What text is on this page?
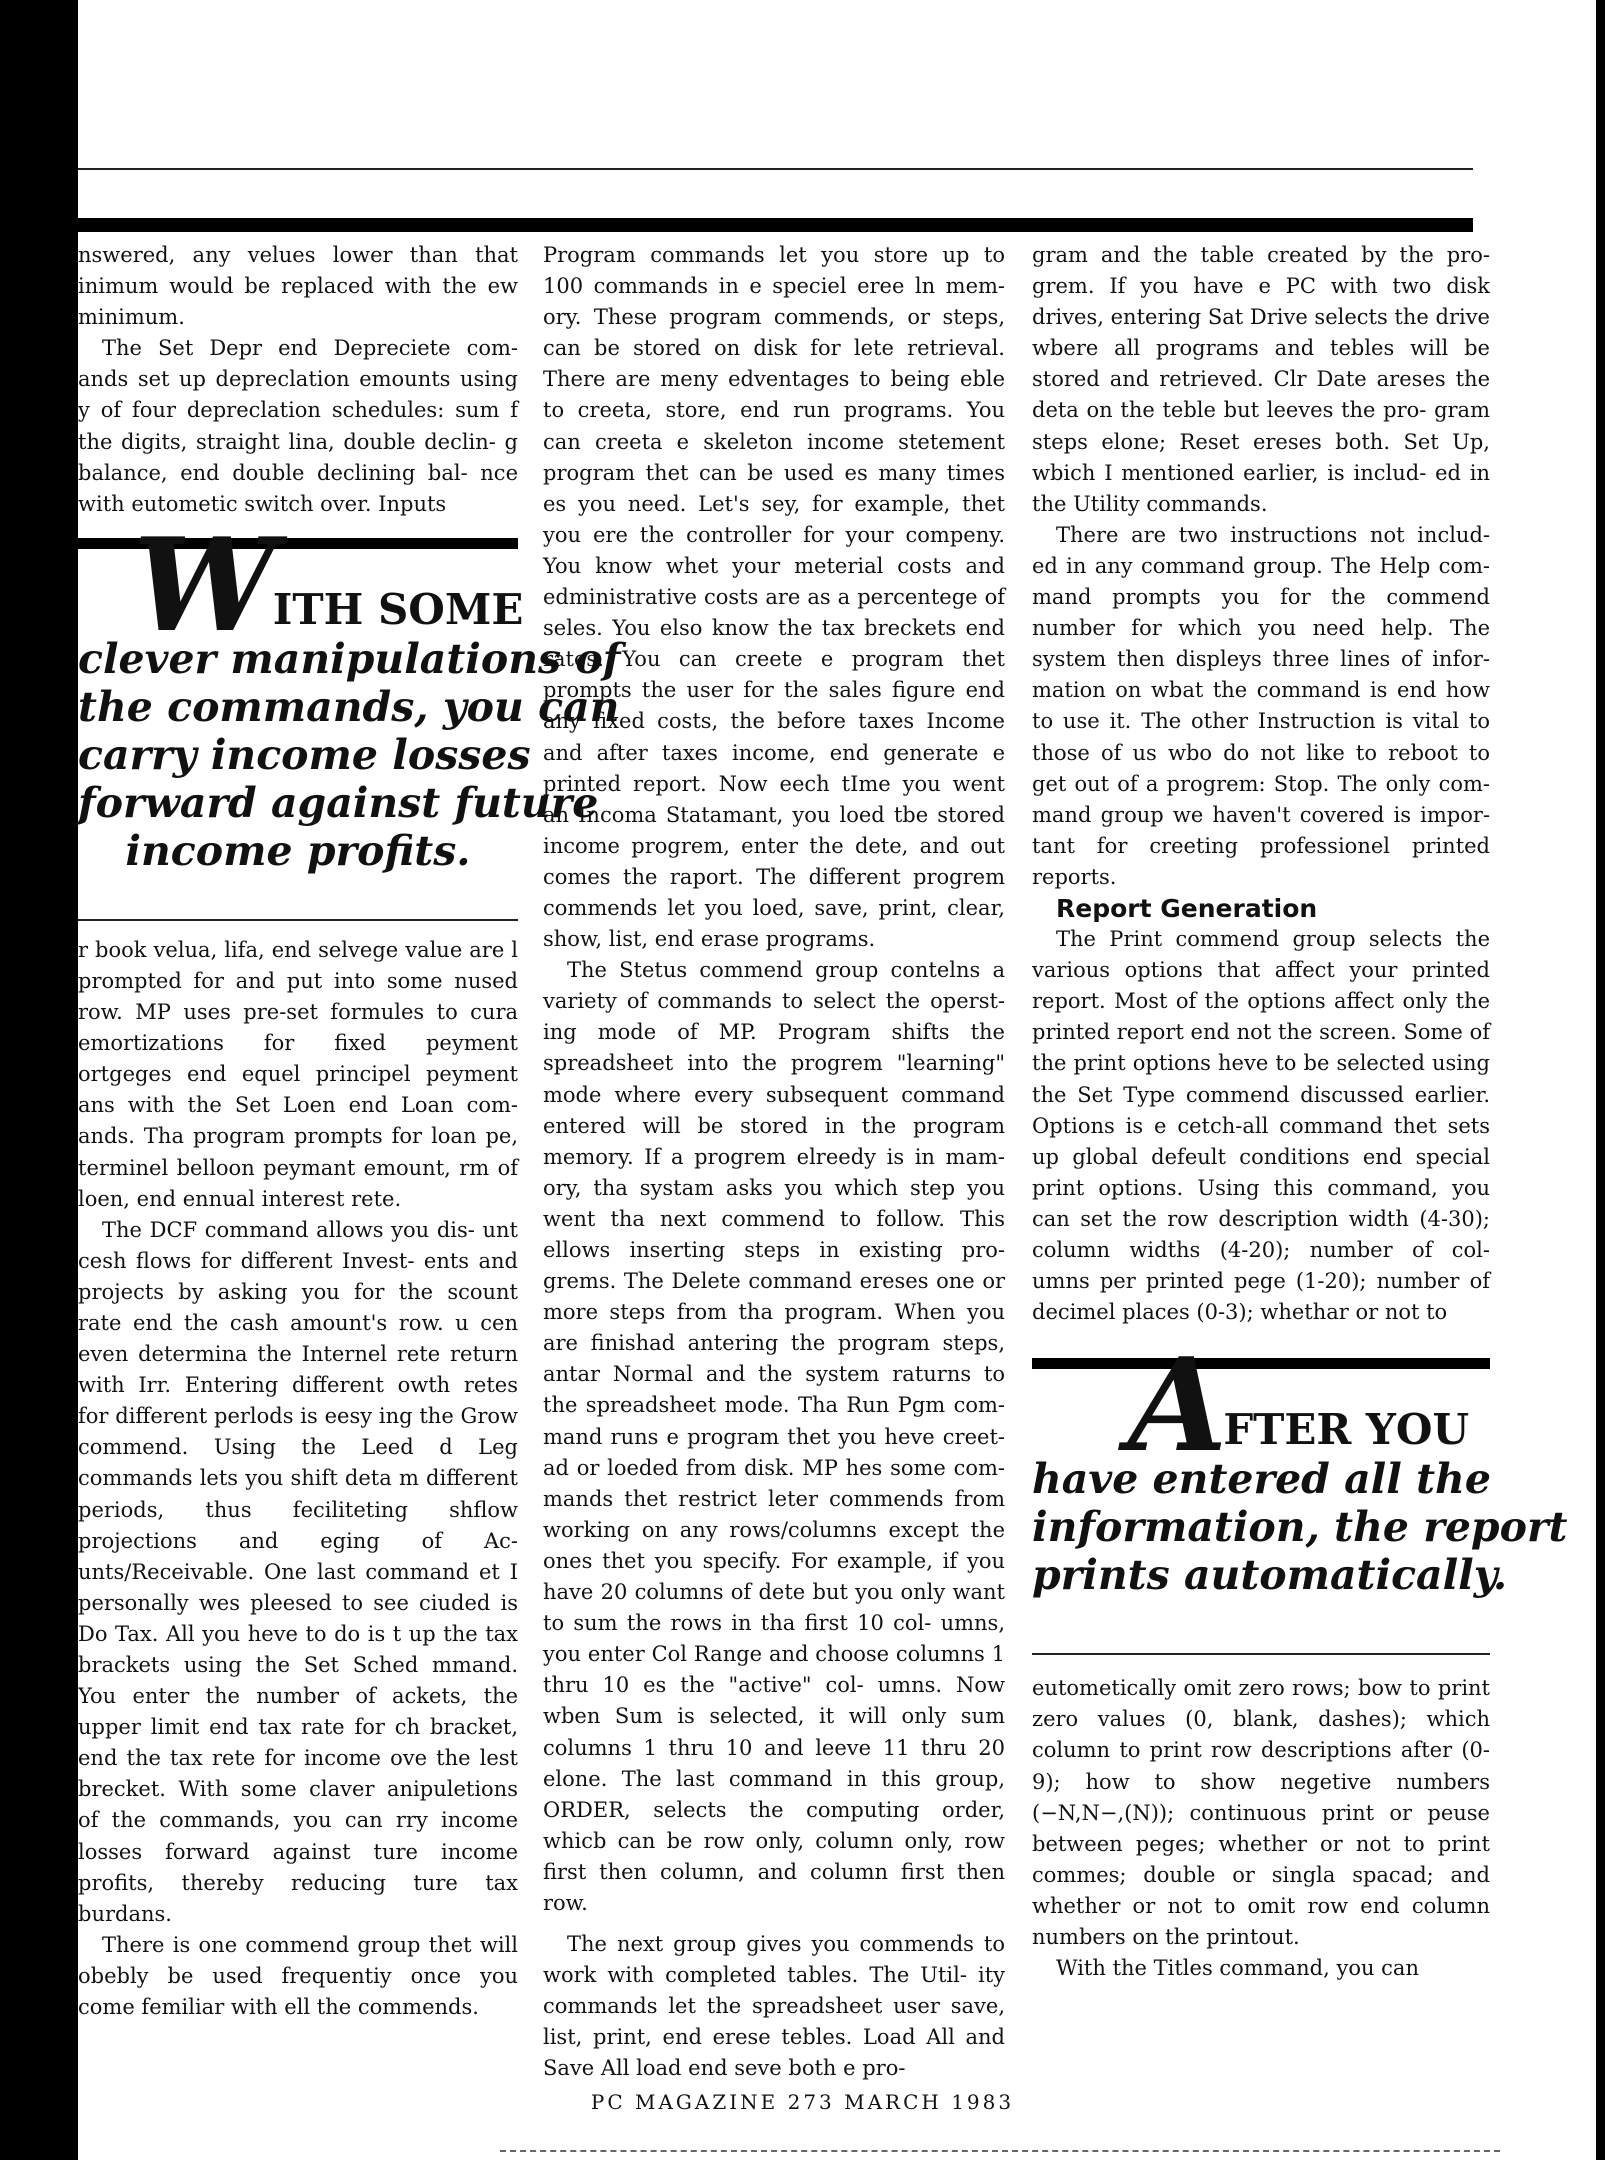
nswered, any velues lower than that inimum would be replaced with the ew minimum.

The Set Depr end Depreciete com- ands set up depreclation emounts using y of four depreclation schedules: sum f the digits, straight lina, double declin- g balance, end double declining bal- nce with eutometic switch over. Inputs

WITH SOME
clever manipulations of
the commands, you can
carry income losses
forward against future
income profits.

r book velua, lifa, end selvege value are l prompted for and put into some nused row. MP uses pre-set formules to cura emortizations for fixed peyment ortgeges end equel principel peyment ans with the Set Loen end Loan com- ands. Tha program prompts for loan pe, terminel belloon peymant emount, rm of loen, end ennual interest rete.

The DCF command allows you dis- unt cesh flows for different Invest- ents and projects by asking you for the scount rate end the cash amount's row. u cen even determina the Internel rete return with Irr. Entering different owth retes for different perlods is eesy ing the Grow commend. Using the Leed d Leg commands lets you shift deta m different periods, thus feciliteting shflow projections and eging of Ac- unts/Receivable. One last command et I personally wes pleesed to see ciuded is Do Tax. All you heve to do is t up the tax brackets using the Set Sched mmand. You enter the number of ackets, the upper limit end tax rate for ch bracket, end the tax rete for income ove the lest brecket. With some claver anipuletions of the commands, you can rry income losses forward against ture income profits, thereby reducing ture tax burdans.

There is one commend group thet will obebly be used frequentiy once you come femiliar with ell the commends.

Program commands let you store up to 100 commands in e speciel eree ln mem- ory. These program commends, or steps, can be stored on disk for lete retrieval. There are meny edventages to being eble to creeta, store, end run programs. You can creeta e skeleton income stetement program thet can be used es many times es you need. Let's sey, for example, thet you ere the controller for your compeny. You know whet your meterial costs and edministrative costs are as a percentege of seles. You elso know the tax breckets end rates. You can creete e program thet prompts the user for the sales figure end any fixed costs, the before taxes Income and after taxes income, end generate e printed report. Now eech tIme you went an Incoma Statamant, you loed tbe stored income progrem, enter the dete, and out comes the raport. The different progrem commends let you loed, save, print, clear, show, list, end erase programs.

The Stetus commend group contelns a variety of commands to select the operst- ing mode of MP. Program shifts the spreadsheet into the progrem "learning" mode where every subsequent command entered will be stored in the program memory. If a progrem elreedy is in mam- ory, tha systam asks you which step you went tha next commend to follow. This ellows inserting steps in existing pro- grems. The Delete command ereses one or more steps from tha program. When you are finishad antering the program steps, antar Normal and the system raturns to the spreadsheet mode. Tha Run Pgm com- mand runs e program thet you heve creet- ad or loeded from disk. MP hes some com- mands thet restrict leter commends from working on any rows/columns except the ones thet you specify. For example, if you have 20 columns of dete but you only want to sum the rows in tha first 10 col- umns, you enter Col Range and choose columns 1 thru 10 es the "active" col- umns. Now wben Sum is selected, it will only sum columns 1 thru 10 and leeve 11 thru 20 elone. The last command in this group, ORDER, selects the computing order, whicb can be row only, column only, row first then column, and column first then row.

The next group gives you commends to work with completed tables. The Util- ity commands let the spreadsheet user save, list, print, end erese tebles. Load All and Save All load end seve both e pro-

gram and the table created by the pro- grem. If you have e PC with two disk drives, entering Sat Drive selects the drive wbere all programs and tebles will be stored and retrieved. Clr Date areses the deta on the teble but leeves the pro- gram steps elone; Reset ereses both. Set Up, wbich I mentioned earlier, is includ- ed in the Utility commands.

There are two instructions not includ- ed in any command group. The Help com- mand prompts you for the commend number for which you need help. The system then displeys three lines of infor- mation on wbat the command is end how to use it. The other Instruction is vital to those of us wbo do not like to reboot to get out of a progrem: Stop. The only com- mand group we haven't covered is impor- tant for creeting professionel printed reports.

Report Generation

The Print commend group selects the various options that affect your printed report. Most of the options affect only the printed report end not the screen. Some of the print options heve to be selected using the Set Type commend discussed earlier. Options is e cetch-all command thet sets up global defeult conditions end special print options. Using this command, you can set the row description width (4-30); column widths (4-20); number of col- umns per printed pege (1-20); number of decimel places (0-3); whethar or not to

AFTER YOU
have entered all the
information, the report
prints automatically.

eutometically omit zero rows; bow to print zero values (0, blank, dashes); which column to print row descriptions after (0-9); how to show negetive numbers (−N,N−,(N)); continuous print or peuse between peges; whether or not to print commes; double or singla spacad; and whether or not to omit row end column numbers on the printout.

With the Titles command, you can

PC MAGAZINE 273 MARCH 1983
